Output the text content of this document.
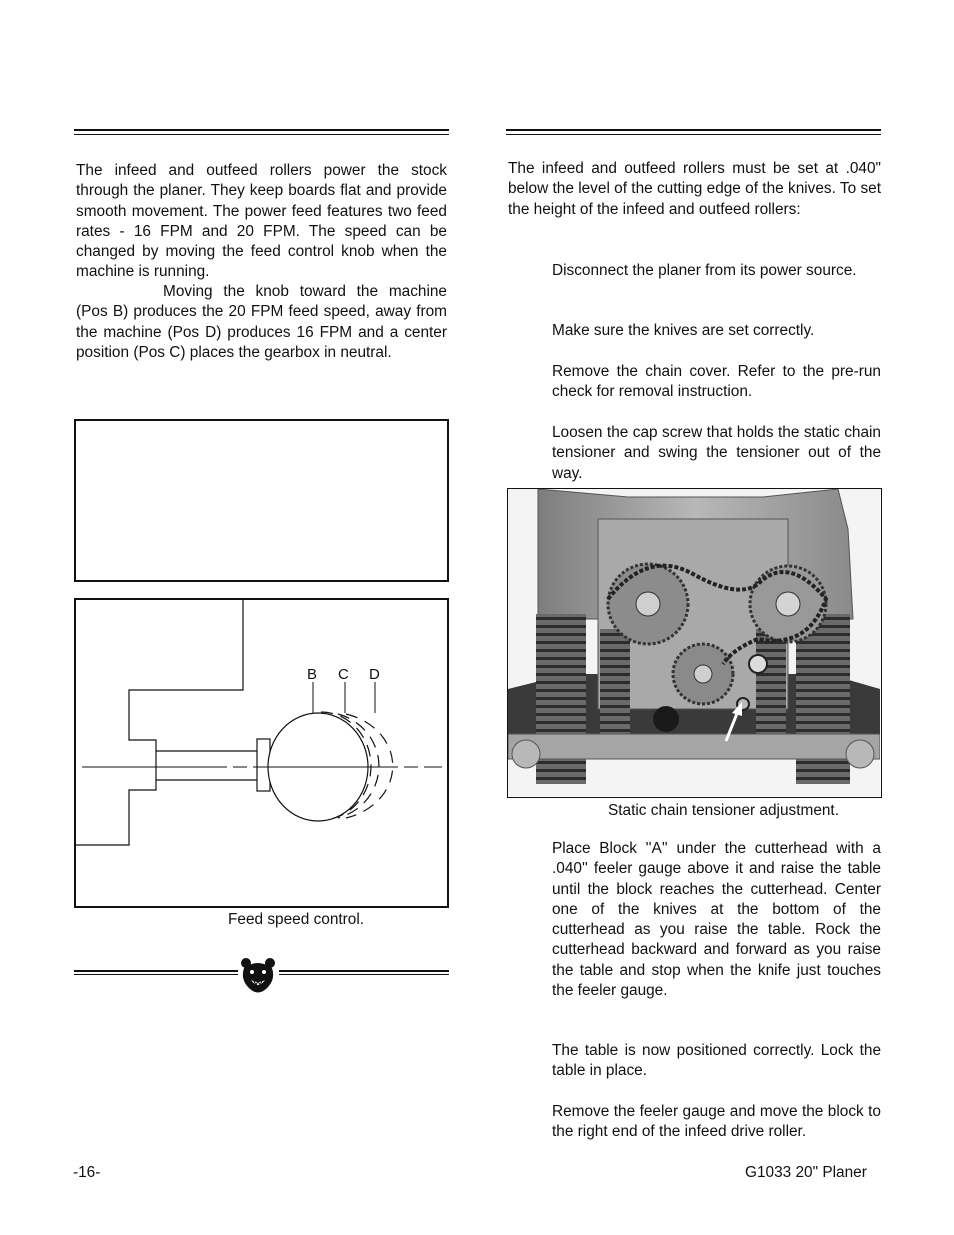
The infeed and outfeed rollers power the stock through the planer. They keep boards flat and provide smooth movement. The power feed features two feed rates - 16 FPM and 20 FPM. The speed can be changed by moving the feed control knob when the machine is running.

Moving the knob toward the machine (Pos B) produces the 20 FPM feed speed, away from the machine (Pos D) produces 16 FPM and a center position (Pos C) places the gearbox in neutral.

B C D

Feed speed control.

The infeed and outfeed rollers must be set at .040" below the level of the cutting edge of the knives. To set the height of the infeed and outfeed rollers:

Disconnect the planer from its power source.

Make sure the knives are set correctly.

Remove the chain cover. Refer to the pre-run check for removal instruction.

Loosen the cap screw that holds the static chain tensioner and swing the tensioner out of the way.

Static chain tensioner adjustment.

Place Block ''A'' under the cutterhead with a .040'' feeler gauge above it and raise the table until the block reaches the cutterhead. Center one of the knives at the bottom of the cutterhead as you raise the table. Rock the cutterhead backward and forward as you raise the table and stop when the knife just touches the feeler gauge.

The table is now positioned correctly. Lock the table in place.

Remove the feeler gauge and move the block to the right end of the infeed drive roller.

-16-	G1033 20" Planer
